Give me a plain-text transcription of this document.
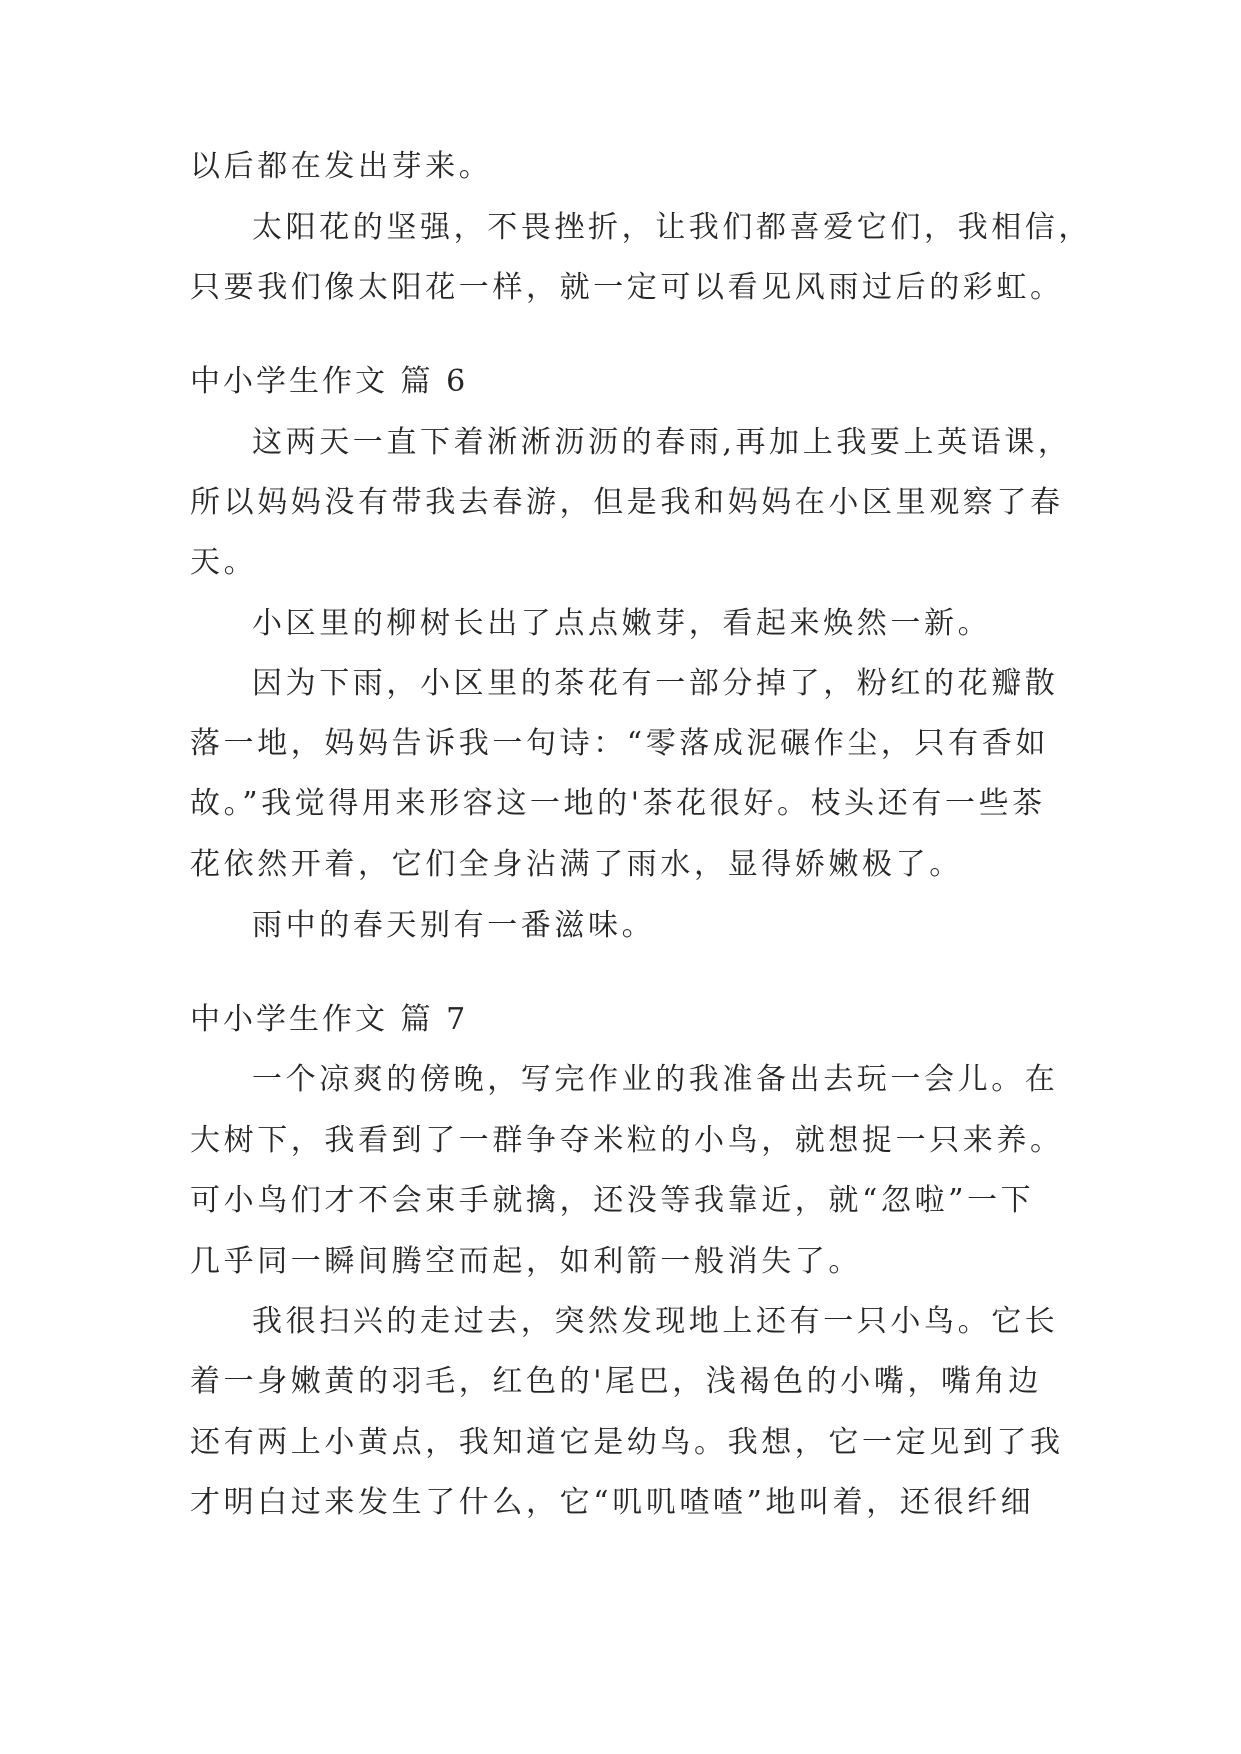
以后都在发出芽来。
太阳花的坚强，不畏挫折，让我们都喜爱它们，我相信，
只要我们像太阳花一样，就一定可以看见风雨过后的彩虹。
中小学生作文 篇 6
这两天一直下着淅淅沥沥的春雨,再加上我要上英语课，
所以妈妈没有带我去春游，但是我和妈妈在小区里观察了春
天。
小区里的柳树长出了点点嫩芽，看起来焕然一新。
因为下雨，小区里的茶花有一部分掉了，粉红的花瓣散
落一地，妈妈告诉我一句诗：“零落成泥碾作尘，只有香如
故。”我觉得用来形容这一地的'茶花很好。枝头还有一些茶
花依然开着，它们全身沾满了雨水，显得娇嫩极了。
雨中的春天别有一番滋味。
中小学生作文 篇 7
一个凉爽的傍晚，写完作业的我准备出去玩一会儿。在
大树下，我看到了一群争夺米粒的小鸟，就想捉一只来养。
可小鸟们才不会束手就擒，还没等我靠近，就“忽啦”一下
几乎同一瞬间腾空而起，如利箭一般消失了。
我很扫兴的走过去，突然发现地上还有一只小鸟。它长
着一身嫩黄的羽毛，红色的'尾巴，浅褐色的小嘴，嘴角边
还有两上小黄点，我知道它是幼鸟。我想，它一定见到了我
才明白过来发生了什么，它“叽叽喳喳”地叫着，还很纤细
